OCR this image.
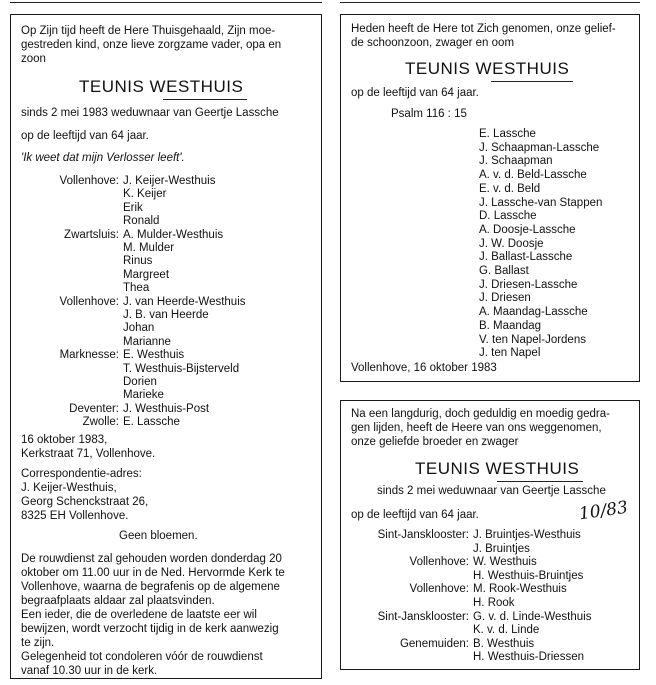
Op Zijn tijd heeft de Here Thuisgehaald, Zijn moe-
gestreden kind, onze lieve zorgzame vader, opa en
zoon
TEUNIS WESTHUIS
sinds 2 mei 1983 weduwnaar van Geertje Lassche
op de leeftijd van 64 jaar.
'Ik weet dat mijn Verlosser leeft'.
Vollenhove: J. Keijer-Westhuis
K. Keijer
Erik
Ronald
Zwartsluis: A. Mulder-Westhuis
M. Mulder
Rinus
Margreet
Thea
Vollenhove: J. van Heerde-Westhuis
J. B. van Heerde
Johan
Marianne
Marknesse: E. Westhuis
T. Westhuis-Bijsterveld
Dorien
Marieke
Deventer: J. Westhuis-Post
Zwolle: E. Lassche
16 oktober 1983,
Kerkstraat 71, Vollenhove.
Correspondentie-adres:
J. Keijer-Westhuis,
Georg Schenckstraat 26,
8325 EH Vollenhove.
Geen bloemen.
De rouwdienst zal gehouden worden donderdag 20
oktober om 11.00 uur in de Ned. Hervormde Kerk te
Vollenhove, waarna de begrafenis op de algemene
begraafplaats aldaar zal plaatsvinden.
Een ieder, die de overledene de laatste eer wil
bewijzen, wordt verzocht tijdig in de kerk aanwezig
te zijn.
Gelegenheid tot condoleren vóór de rouwdienst
vanaf 10.30 uur in de kerk.
Heden heeft de Here tot Zich genomen, onze gelief-
de schoonzoon, zwager en oom
TEUNIS WESTHUIS
op de leeftijd van 64 jaar.
Psalm 116 : 15
E. Lassche
J. Schaapman-Lassche
J. Schaapman
A. v. d. Beld-Lassche
E. v. d. Beld
J. Lassche-van Stappen
D. Lassche
A. Doosje-Lassche
J. W. Doosje
J. Ballast-Lassche
G. Ballast
J. Driesen-Lassche
J. Driesen
A. Maandag-Lassche
B. Maandag
V. ten Napel-Jordens
J. ten Napel
Vollenhove, 16 oktober 1983
Na een langdurig, doch geduldig en moedig gedra-
gen lijden, heeft de Heere van ons weggenomen,
onze geliefde broeder en zwager
TEUNIS WESTHUIS
sinds 2 mei weduwnaar van Geertje Lassche
op de leeftijd van 64 jaar.	10/83
Sint-Jansklooster: J. Bruintjes-Westhuis
J. Bruintjes
Vollenhove: W. Westhuis
H. Westhuis-Bruintjes
Vollenhove: M. Rook-Westhuis
H. Rook
Sint-Jansklooster: G. v. d. Linde-Westhuis
K. v. d. Linde
Genemuiden: B. Westhuis
H. Westhuis-Driessen
